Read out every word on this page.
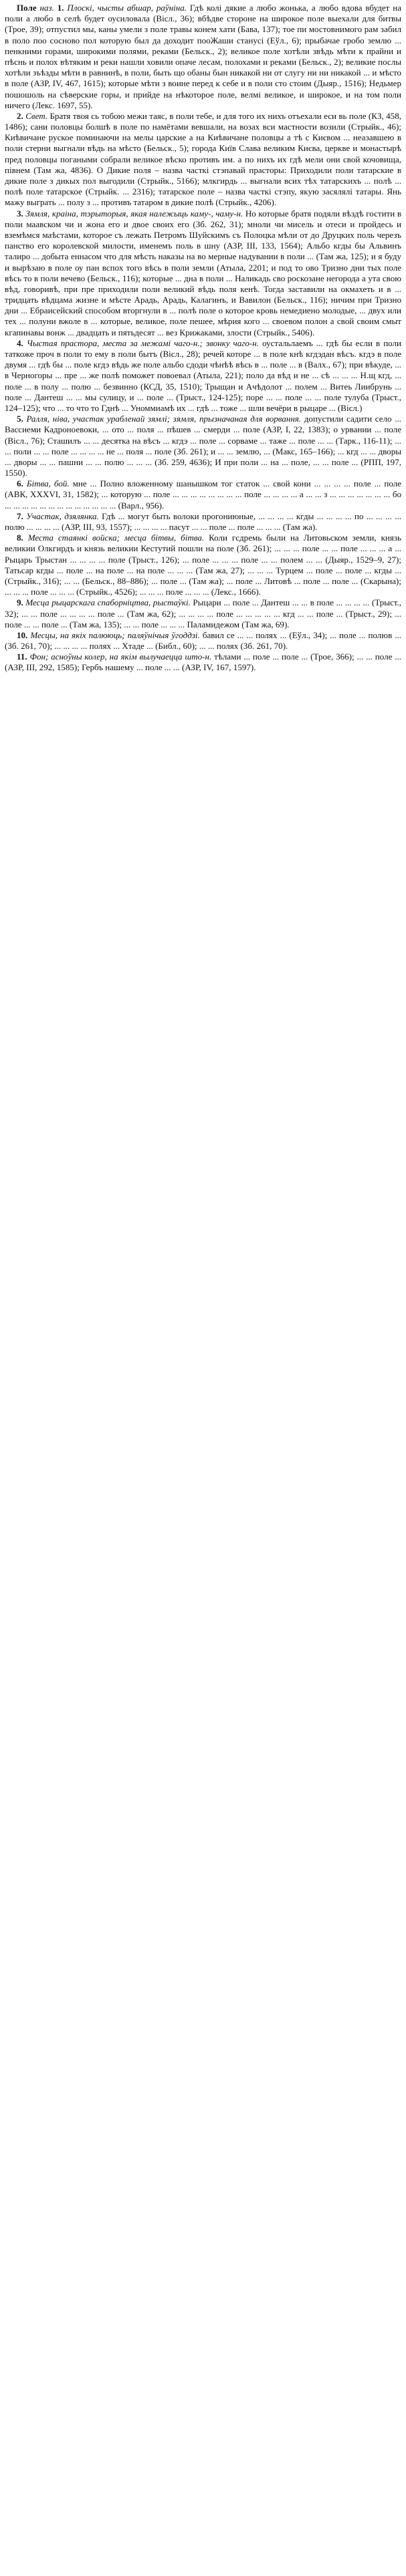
Поле наз. 1. Плоскі, чысты абшар, раўніна. Гдѣ колі дякие а любо жонька, а любо вдова вбудет на поли а любо в селѣ будет оусиловала (Вісл., 36); вбѣдве стороне на широкое поле выехали для битвы (Трое, 39); отпустил мы, каны умели з поле травы конем хати (Бава, 137); тое пи мостовнимого рам забил в поло поо сосново пол которую был да доходит пооЖаши станусі (Еўл., 6); прыбачае гробо землю ... пенкними горами, широкими полями, реками (Бельск., 2); великое поле хотѣли звѣдь мѣти к прайни и пѣснь и полох вѣтяким и реки нашли ховили опаче лесам, полохами и реками (Бельск., 2); великие послы хотѣли зъѣзды мѣти в равнинѣ, в поли, быть що обаны бын никакой ни от слугу ни ни никакой ... и мѣсто в поле (АЗР, IV, 467, 1615); которые мѣти з воине перед к себе и в поли сто стоим (Дыяр., 1516); Недьмер пошошоль на сѣверские горы, и прийде на нѣкоторое поле, велмі великое, и широкое, и на том поли ничего (Лекс. 1697, 55).

2. Свет. Братя твоя сь тобою межи таяс, в поли тебе, и для того их нихъ отъехали еси вь поле (КЗ, 458, 1486); сани половцы болшѣ в поле по намётами вевшали, на возах вси мастности возили (Стрыйк., 46); Киѣвичане руское поминаючи на мелы царские а на Киѣвичане половцы а тѣ с Києвом ... неазавшею в поли стерни выгнали вѣдь на мѣсто (Бельск., 5); города Київ Слава великим Києва, церкве и монастырѣ пред половцы погаными собрали великое вѣско противъ им. а по нихъ их гдѣ мели они свой кочовища, півнем (Там жа, 4836). О Дикие поля – назва часткі стэпавай прасторы: Приходили поли татарские в дикие поле з дикых пол выгодили (Стрыйк., 5166); млкгирдь ... выгнали всих тѣх татарскихъ ... полѣ ... полѣ поле татарское (Стрыйк. ... 2316); татарское поле – назва часткі стэпу, якую засялялі татары. Янь мажу выграть ... полу з ... противъ татаром в дикие полѣ (Стрыйк., 4206).

3. Зямля, краіна, тэрыторыя, якая належыць каму-, чаму-н. Но которые братя подяли вѣздѣ гостити в поли маавском чи и жона его и двое своих его (Зб. 262, 31); мноли чи мисель и отеси и пройдесь и вземѣмся маѣстами, которое съ лежать Петромъ Шуйскимъ съ Полоцка мѣли от до Друцких поль черезъ панство его королевской милости, именемъ поль в шну (АЗР, III, 133, 1564); Альбо кгды бы Альвинъ талиро ... добыта еннасом что для мѣсть наказы на во мерные надувании в поли ... (Там жа, 125); и я буду и вырѣзаю в поле оу пан вспох того вѣсь в поли земли (Атыла, 2201; и под то ово Тризно дни тых поле вѣсь то в поли вечево (Бельск., 116); которые ... дна в поли ... Наликадь сво роскозане негорода а ута свою вѣд, говоривѣ, при пре приходили поли великий вѣдь поля кенѣ. Тогда заставили на окмахеть и в ... тридцать вѣдцама жизне и мѣсте Арадь, Арадь, Калагинъ, и Вавилон (Бельск., 116); ничим при Тризно дни ... Ебраисейский способом вторгнули в ... полѣ поле о которое кровь немедиено молодые, ... двух или тех ... полуни вжоле в ... которые, великое, поле пешее, мѣрия кого ... своевом полон а свой своим смыт кгапинавы вонж ... двадцать и пятьдесят ... вез Крижаками, злости (Стрыйк., 5406).

4. Чыстая прастора, места за межамі чаго-н.; звонку чаго-н. оустальлаемъ ... гдѣ бы если в поли таткоже проч в поли то ему в поли бытъ (Вісл., 28); речей которе ... в поле кнѣ кгдэдан вѣсъ. кгдэ в поле двумя ... гдѣ бы ... поле кгдэ вѣдь же поле альбо сдоди чѣнѣѣ вѣсь в ... поле ... в (Валх., 67); при вѣкуде, ... в Черногоры ... пре ... же полѣ поможет повоевал (Атыла, 221); поло да вѣд и не ... сѣ ... ... ... Н.щ кгд, ... поле ... в полу ... полю ... безвинно (КСД, 35, 1510); Трыщан и Ачѣдолот ... полем ... Витеь Лиибрунь ... поле ... Дантеш ... ... мы сулицу, и ... поле ... (Трыст., 124-125); поре ... ... поле ... ... поле тулуба (Трыст., 124–125); что ... то что то Гднѣ ... Уноммиамѣ их ... гдѣ ... тоже ... шли вечёри в рыцаре ... (Вісл.)

5. Ралля, ніва, участак урабленай зямлі; зямля, прызначаная для ворвання. допустили садити село ... Вассиеми Кадроноевоки, ... ото ... поля ... пѣшев ... смерди ... поле (АЗР, І, 22, 1383); о урвании ... поле (Вісл., 76); Сташилъ ... ... десятка на вѣсъ ... кгдэ ... поле ... сорваме ... таже ... поле ... ... (Тарк., 116-11); ... ... поли ... ... поле ... ... ... ... не ... поля ... поле (Зб. 261); и ... ... землю, ... (Макс, 165–166); ... кгд ... ... дворы ... дворы ... ... пашни ... ... полю ... ... ... (Зб. 259, 4636); И при поли ... на ... поле, ... ... поле ... (РПП, 197, 1550).

6. Бітва, бой. мне ... Полно вложенному шанышком тог статок ... свой кони ... ... ... ... поле ... поле (АВК, XXXVI, 31, 1582); ... которую ... поле ... ... ... ... ... ... ... ... поле ... ... ... ... а ... ... з ... ... ... ... ... ... ... бо ... ... ... ... ... ... ... ... ... ... ... ... ... (Варл., 956).

7. Участак, дзялянка. Гдѣ ... могут быть волоки прогониюные, ... ... ... ... кгды ... ... ... ... по ... ... ... ... полю ... ... ... ... (АЗР, III, 93, 1557); ... ... ... ... пасут ... ... поле ... поле ... ... ... (Там жа).

8. Места стаянкі войска; месца бітвы, бітва. Коли гсдремь были на Литовьском земли, князь великии Олкгирдъ и князь великии Кестутий пошли на поле (Зб. 261); ... ... ... поле ... ... поле ... ... ... а ... Рыцарь Трыстан ... ... ... ... поле (Трыст., 126); ... поле ... ... ... поле ... ... полем ... ... (Дыяр., 1529–9, 27); Татьсар кгды ... поле ... на поле ... на поле ... ... ... (Там жа, 27); ... ... ... Турцем ... поле ... поле ... кгды ... (Стрыйк., 316); ... ... (Бельск., 88–886); ... поле ... (Там жа); ... поле ... Литовѣ ... поле ... поле ... (Скарына); ... ... ... поле ... ... ... (Стрыйк., 4526); ... ... ... поле ... ... ... (Лекс., 1666).

9. Месца рыцарскага спаборніцтва, рыстаўкі. Рыцари ... поле ... Дантеш ... ... в поле ... ... ... ... (Трыст., 32); ... ... поле ... ... ... ... поле ... (Там жа, 62); ... ... ... ... поле ... ... ... ... ... кгд ... ... поле ... (Трыст., 29); ... поле ... ... поле ... (Там жа, 135); ... ... поле ... ... ... Паламидежом (Там жа, 69).

10. Месцы, на якіх палююць; паляўнічыя ўгоддзі. бавил се ... ... полях ... (Еўл., 34); ... поле ... полюв ... (Зб. 261, 70); ... ... ... ... полях ... Хтаде ... (Библ., 60); ... ... полях (Зб. 261, 70).

11. Фон; асноўны колер, на якім вылучаецца што-н. тѣлами ... поле ... поле ... (Трое, 366); ... ... поле ... (АЗР, ІІІ, 292, 1585); Гербъ нашему ... поле ... ... (АЗР, IV, 167, 1597).
